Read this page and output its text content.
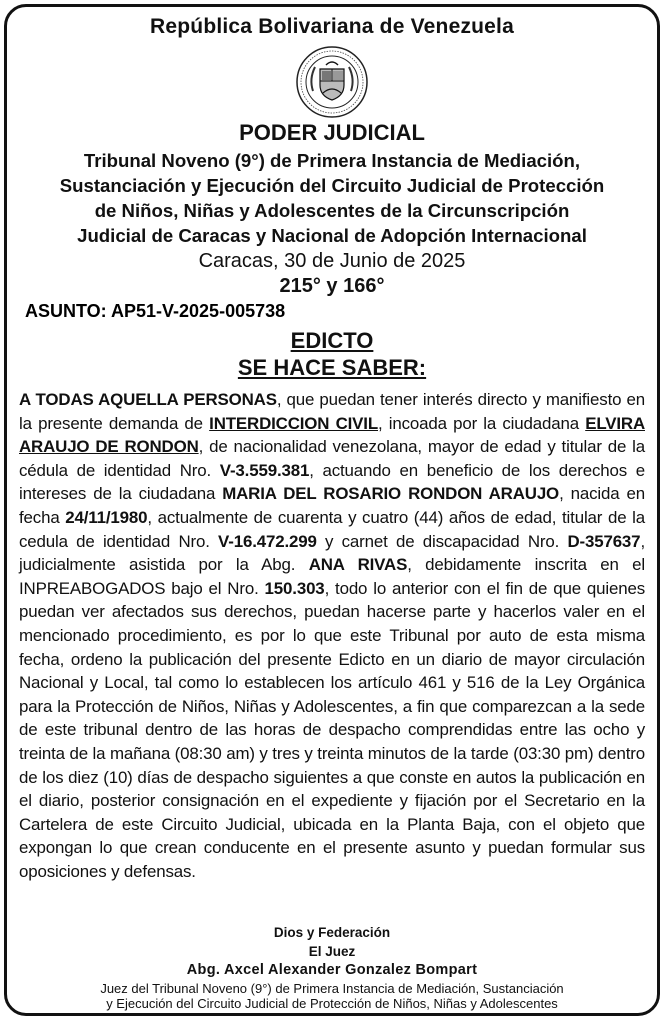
República Bolivariana de Venezuela
PODER JUDICIAL
Tribunal Noveno (9°) de Primera Instancia de Mediación,
Sustanciación y Ejecución del Circuito Judicial de Protección
de Niños, Niñas y Adolescentes de la Circunscripción
Judicial de Caracas y Nacional de Adopción Internacional
Caracas, 30 de Junio de 2025
215° y 166°
ASUNTO: AP51-V-2025-005738
EDICTO
SE HACE SABER:
A TODAS AQUELLA PERSONAS, que puedan tener interés directo y manifiesto en la presente demanda de INTERDICCION CIVIL, incoada por la ciudadana ELVIRA ARAUJO DE RONDON, de nacionalidad venezolana, mayor de edad y titular de la cédula de identidad Nro. V-3.559.381, actuando en beneficio de los derechos e intereses de la ciudadana MARIA DEL ROSARIO RONDON ARAUJO, nacida en fecha 24/11/1980, actualmente de cuarenta y cuatro (44) años de edad, titular de la cedula de identidad Nro. V-16.472.299 y carnet de discapacidad Nro. D-357637, judicialmente asistida por la Abg. ANA RIVAS, debidamente inscrita en el INPREABOGADOS bajo el Nro. 150.303, todo lo anterior con el fin de que quienes puedan ver afectados sus derechos, puedan hacerse parte y hacerlos valer en el mencionado procedimiento, es por lo que este Tribunal por auto de esta misma fecha, ordeno la publicación del presente Edicto en un diario de mayor circulación Nacional y Local, tal como lo establecen los artículo 461 y 516 de la Ley Orgánica para la Protección de Niños, Niñas y Adolescentes, a fin que comparezcan a la sede de este tribunal dentro de las horas de despacho comprendidas entre las ocho y treinta de la mañana (08:30 am) y tres y treinta minutos de la tarde (03:30 pm) dentro de los diez (10) días de despacho siguientes a que conste en autos la publicación en el diario, posterior consignación en el expediente y fijación por el Secretario en la Cartelera de este Circuito Judicial, ubicada en la Planta Baja, con el objeto que expongan lo que crean conducente en el presente asunto y puedan formular sus oposiciones y defensas.
Dios y Federación
El Juez
Abg. Axcel Alexander Gonzalez Bompart
Juez del Tribunal Noveno (9°) de Primera Instancia de Mediación, Sustanciación
y Ejecución del Circuito Judicial de Protección de Niños, Niñas y Adolescentes
